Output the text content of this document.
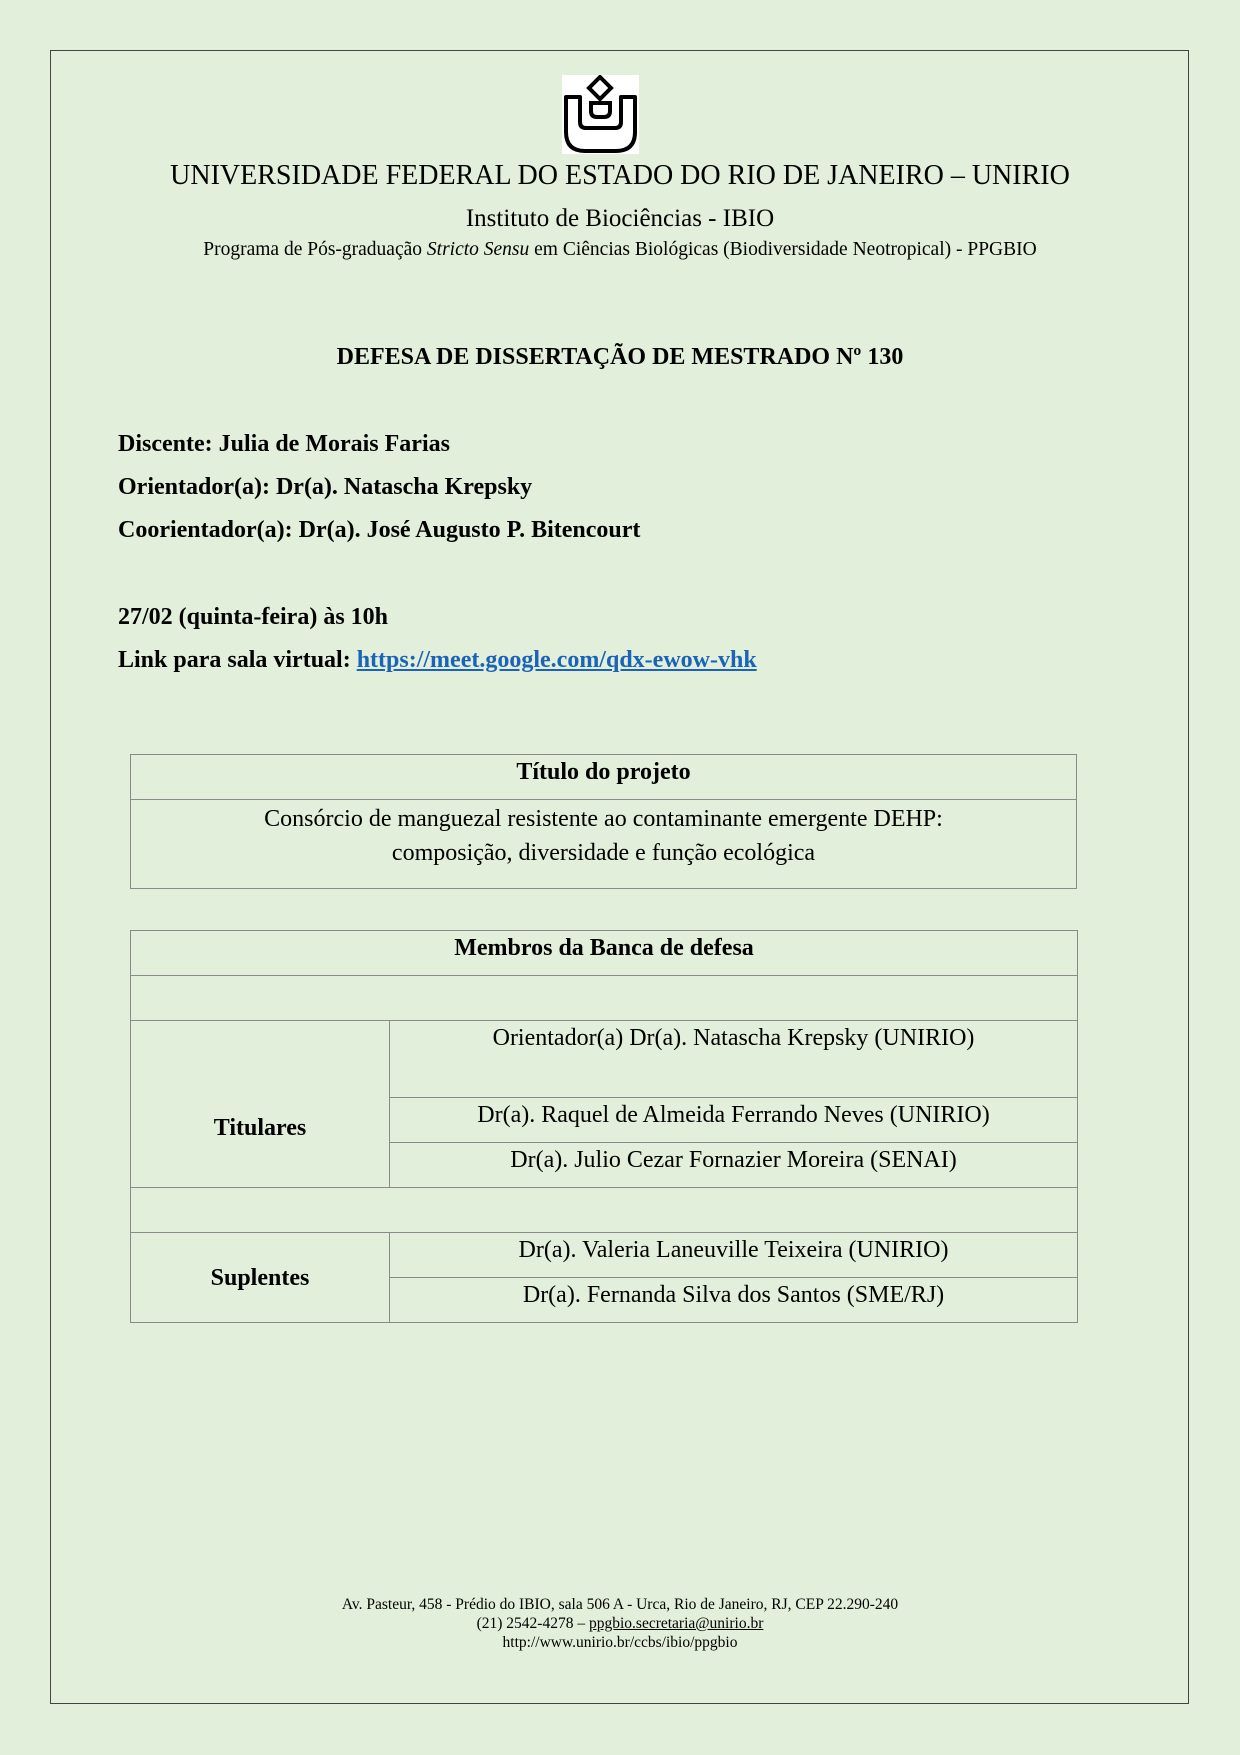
UNIVERSIDADE FEDERAL DO ESTADO DO RIO DE JANEIRO – UNIRIO
Instituto de Biociências - IBIO
Programa de Pós-graduação Stricto Sensu em Ciências Biológicas (Biodiversidade Neotropical) - PPGBIO
DEFESA DE DISSERTAÇÃO DE MESTRADO Nº 130
Discente: Julia de Morais Farias
Orientador(a): Dr(a). Natascha Krepsky
Coorientador(a): Dr(a). José Augusto P. Bitencourt
27/02 (quinta-feira) às 10h
Link para sala virtual: https://meet.google.com/qdx-ewow-vhk
Título do projeto

Consórcio de manguezal resistente ao contaminante emergente DEHP:
composição, diversidade e função ecológica
Membros da Banca de defesa	

Titulares	Orientador(a) Dr(a). Natascha Krepsky (UNIRIO)
	Dr(a). Raquel de Almeida Ferrando Neves (UNIRIO)
	Dr(a). Julio Cezar Fornazier Moreira (SENAI)

Suplentes	Dr(a). Valeria Laneuville Teixeira (UNIRIO)
	Dr(a). Fernanda Silva dos Santos (SME/RJ)
Av. Pasteur, 458 - Prédio do IBIO, sala 506 A - Urca, Rio de Janeiro, RJ, CEP 22.290-240
(21) 2542-4278 – ppgbio.secretaria@unirio.br
http://www.unirio.br/ccbs/ibio/ppgbio
